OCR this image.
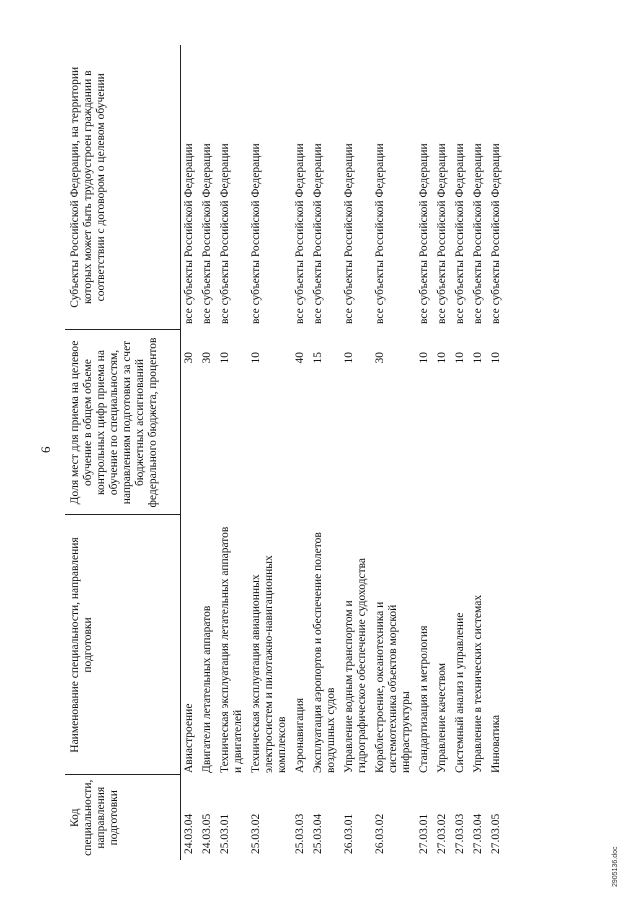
6
Код специальности, направления подготовки	Наименование специальности, направления подготовки	Доля мест для приема на целевое обучение в общем объеме контрольных цифр приема на обучение по специальностям, направлениям подготовки за счет бюджетных ассигнований федерального бюджета, процентов	Субъекты Российской Федерации, на территории которых может быть трудоустроен граждании в соответствии с договором о целевом обучении
24.03.04	Авиастроение	30	все субъекты Российской Федерации
24.03.05	Двигатели летательных аппаратов	30	все субъекты Российской Федерации
25.03.01	Техническая эксплуатация летательных аппаратов и двигателей	10	все субъекты Российской Федерации
25.03.02	Техническая эксплуатация авиационных электросистем и пилотажно-навигационных комплексов	10	все субъекты Российской Федерации
25.03.03	Аэронавигация	40	все субъекты Российской Федерации
25.03.04	Эксплуатация аэропортов и обеспечение полетов воздушных судов	15	все субъекты Российской Федерации
26.03.01	Управление водным транспортом и гидрографическое обеспечение судоходства	10	все субъекты Российской Федерации
26.03.02	Кораблестроение, океанотехника и системотехника объектов морской инфраструктуры	30	все субъекты Российской Федерации
27.03.01	Стандартизация и метрология	10	все субъекты Российской Федерации
27.03.02	Управление качеством	10	все субъекты Российской Федерации
27.03.03	Системный анализ и управление	10	все субъекты Российской Федерации
27.03.04	Управление в технических системах	10	все субъекты Российской Федерации
27.03.05	Инноватика	10	все субъекты Российской Федерации
2905136.doc
